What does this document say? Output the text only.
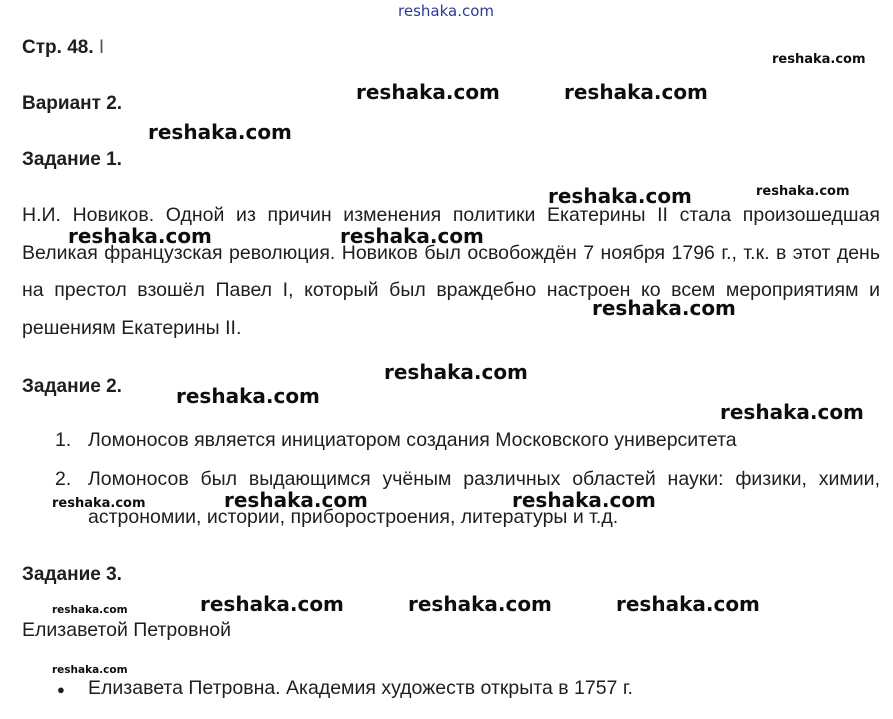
reshaka.com
Стр. 48. I
Вариант 2.
Задание 1.

Н.И. Новиков. Одной из причин изменения политики Екатерины II стала произошедшая Великая французская революция. Новиков был освобождён 7 ноября 1796 г., т.к. в этот день на престол взошёл Павел I, который был враждебно настроен ко всем мероприятиям и решениям Екатерины II.

Задание 2.
1. Ломоносов является инициатором создания Московского университета
2. Ломоносов был выдающимся учёным различных областей науки: физики, химии, астрономии, истории, приборостроения, литературы и т.д.
Задание 3.
Елизаветой Петровной
● Елизавета Петровна. Академия художеств открыта в 1757 г.
reshaka.com
reshaka.com	reshaka.com
reshaka.com
reshaka.com	reshaka.com
reshaka.com	reshaka.com
reshaka.com
reshaka.com
reshaka.com
reshaka.com
reshaka.com	reshaka.com
reshaka.com
reshaka.com	reshaka.com	reshaka.com
reshaka.com
reshaka.com
